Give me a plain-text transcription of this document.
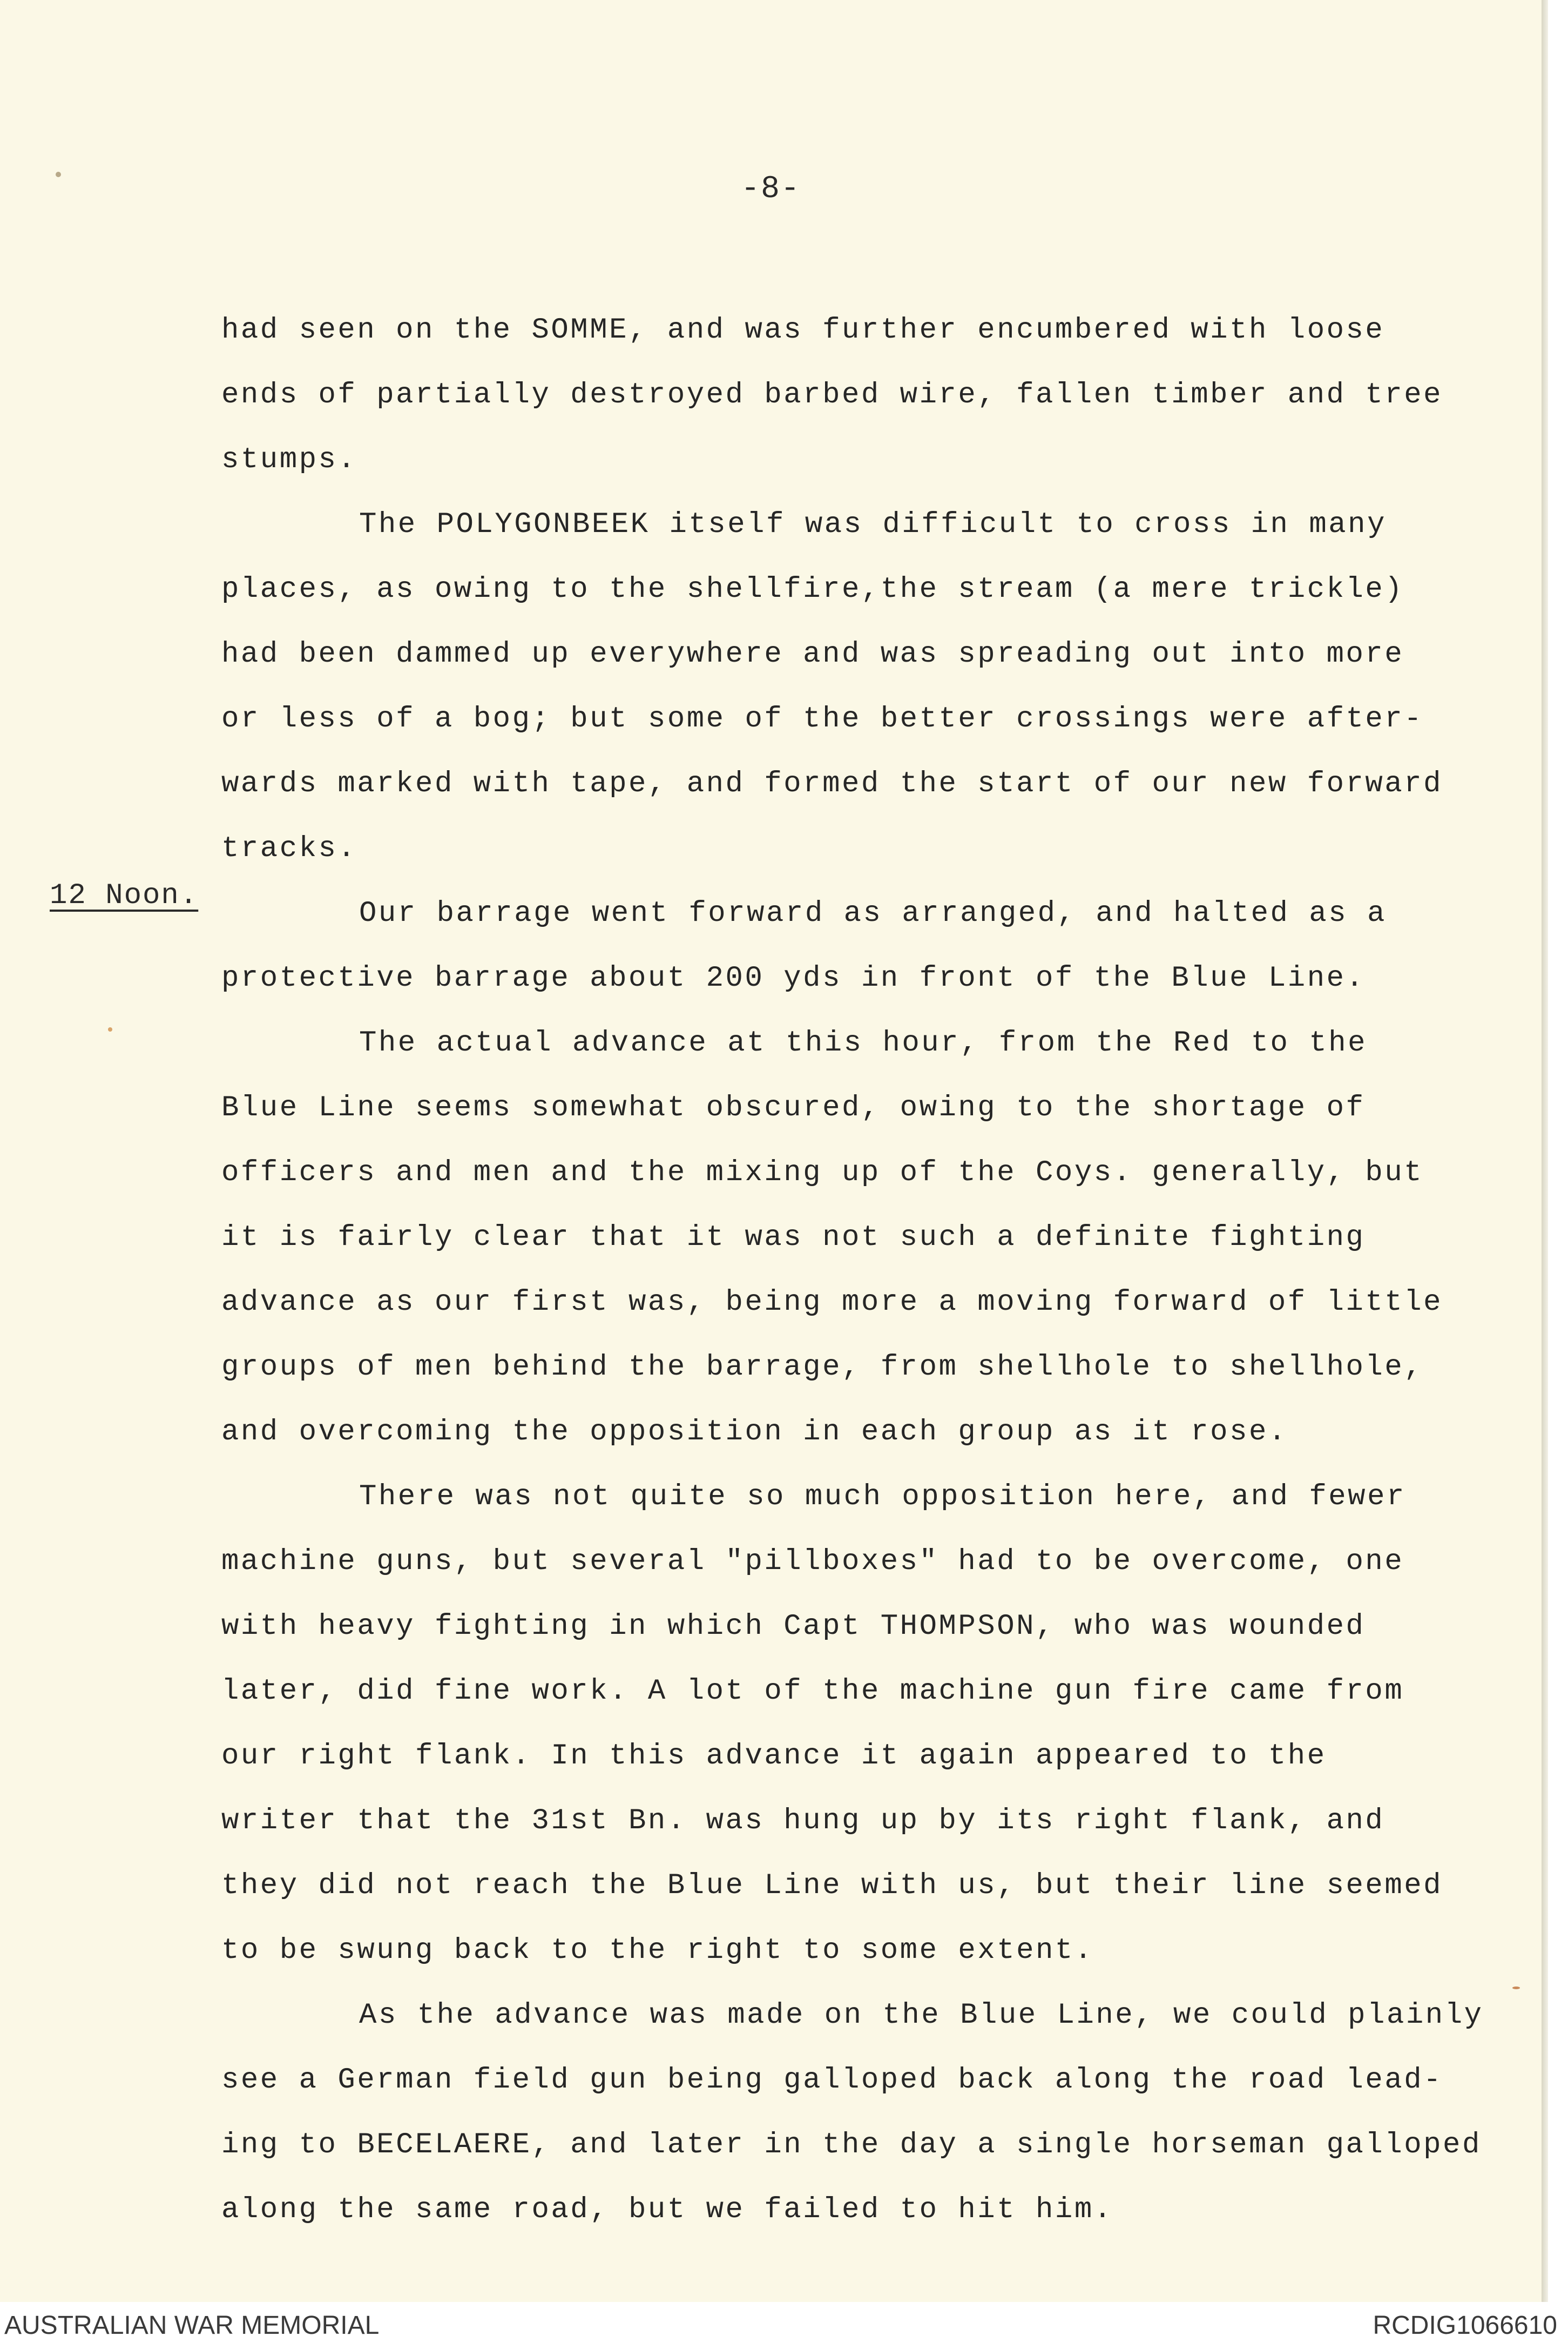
-8-
12 Noon.
had seen on the SOMME, and was further encumbered with loose
ends of partially destroyed barbed wire, fallen timber and tree
stumps.
The POLYGONBEEK itself was difficult to cross in many
places, as owing to the shellfire,the stream (a mere trickle)
had been dammed up everywhere and was spreading out into more
or less of a bog; but some of the better crossings were after-
wards marked with tape, and formed the start of our new forward
tracks.
Our barrage went forward as arranged, and halted as a
protective barrage about 200 yds in front of the Blue Line.
The actual advance at this hour, from the Red to the
Blue Line seems somewhat obscured, owing to the shortage of
officers and men and the mixing up of the Coys. generally, but
it is fairly clear that it was not such a definite fighting
advance as our first was, being more a moving forward of little
groups of men behind the barrage, from shellhole to shellhole,
and overcoming the opposition in each group as it rose.
There was not quite so much opposition here, and fewer
machine guns, but several "pillboxes" had to be overcome, one
with heavy fighting in which Capt THOMPSON, who was wounded
later, did fine work. A lot of the machine gun fire came from
our right flank. In this advance it again appeared to the
writer that the 31st Bn. was hung up by its right flank, and
they did not reach the Blue Line with us, but their line seemed
to be swung back to the right to some extent.
As the advance was made on the Blue Line, we could plainly
see a German field gun being galloped back along the road lead-
ing to BECELAERE, and later in the day a single horseman galloped
along the same road, but we failed to hit him.
AUSTRALIAN WAR MEMORIAL	RCDIG1066610
